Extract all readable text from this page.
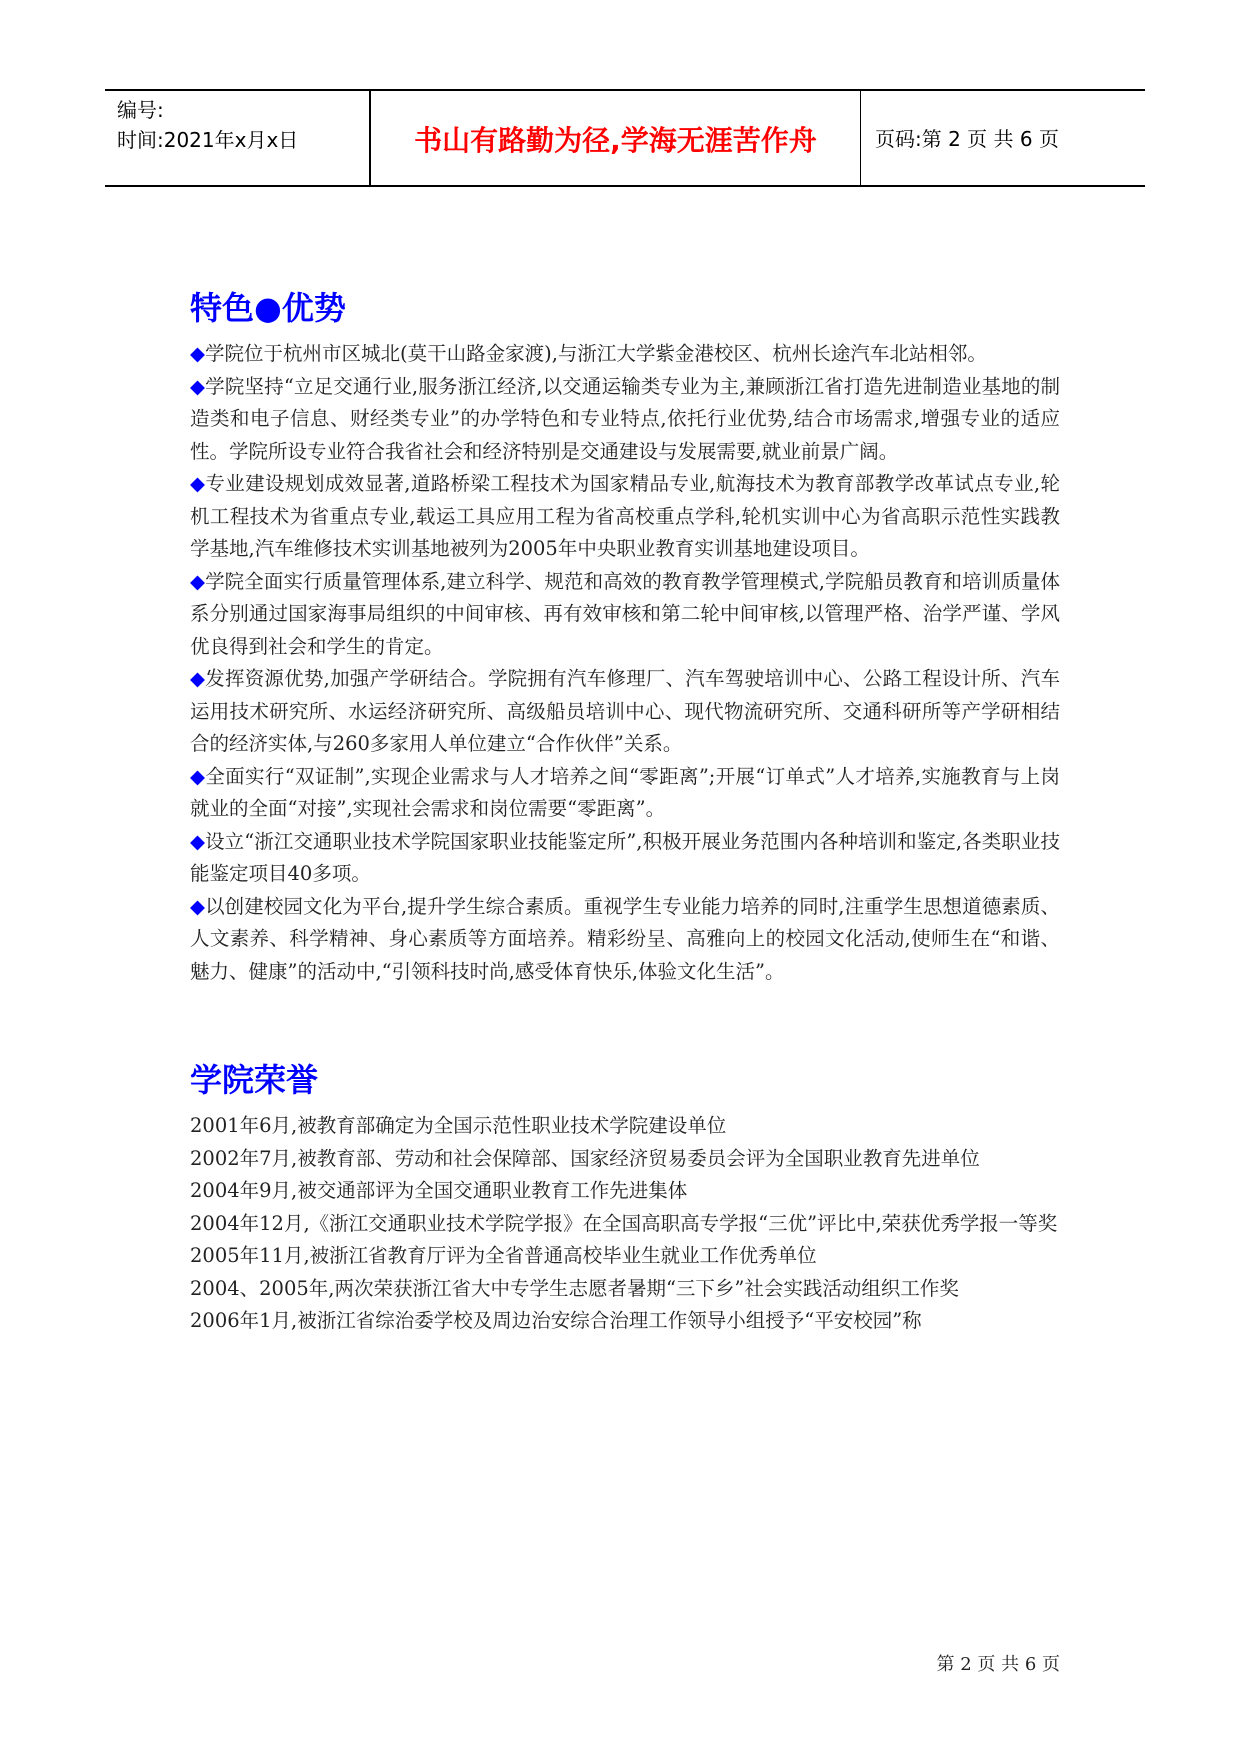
编号:
时间:2021年x月x日	书山有路勤为径,学海无涯苦作舟	页码:第 2 页 共 6 页
特色●优势

◆学院位于杭州市区城北(莫干山路金家渡),与浙江大学紫金港校区、杭州长途汽车北站相邻。

◆学院坚持“立足交通行业,服务浙江经济,以交通运输类专业为主,兼顾浙江省打造先进制造业基地的制造类和电子信息、财经类专业”的办学特色和专业特点,依托行业优势,结合市场需求,增强专业的适应性。学院所设专业符合我省社会和经济特别是交通建设与发展需要,就业前景广阔。

◆专业建设规划成效显著,道路桥梁工程技术为国家精品专业,航海技术为教育部教学改革试点专业,轮机工程技术为省重点专业,载运工具应用工程为省高校重点学科,轮机实训中心为省高职示范性实践教学基地,汽车维修技术实训基地被列为2005年中央职业教育实训基地建设项目。

◆学院全面实行质量管理体系,建立科学、规范和高效的教育教学管理模式,学院船员教育和培训质量体系分别通过国家海事局组织的中间审核、再有效审核和第二轮中间审核,以管理严格、治学严谨、学风优良得到社会和学生的肯定。

◆发挥资源优势,加强产学研结合。学院拥有汽车修理厂、汽车驾驶培训中心、公路工程设计所、汽车运用技术研究所、水运经济研究所、高级船员培训中心、现代物流研究所、交通科研所等产学研相结合的经济实体,与260多家用人单位建立“合作伙伴”关系。

◆全面实行“双证制”,实现企业需求与人才培养之间“零距离”;开展“订单式”人才培养,实施教育与上岗就业的全面“对接”,实现社会需求和岗位需要“零距离”。

◆设立“浙江交通职业技术学院国家职业技能鉴定所”,积极开展业务范围内各种培训和鉴定,各类职业技能鉴定项目40多项。

◆以创建校园文化为平台,提升学生综合素质。重视学生专业能力培养的同时,注重学生思想道德素质、人文素养、科学精神、身心素质等方面培养。精彩纷呈、高雅向上的校园文化活动,使师生在“和谐、魅力、健康”的活动中,“引领科技时尚,感受体育快乐,体验文化生活”。

学院荣誉

2001年6月,被教育部确定为全国示范性职业技术学院建设单位

2002年7月,被教育部、劳动和社会保障部、国家经济贸易委员会评为全国职业教育先进单位

2004年9月,被交通部评为全国交通职业教育工作先进集体

2004年12月,《浙江交通职业技术学院学报》在全国高职高专学报“三优”评比中,荣获优秀学报一等奖

2005年11月,被浙江省教育厅评为全省普通高校毕业生就业工作优秀单位

2004、2005年,两次荣获浙江省大中专学生志愿者暑期“三下乡”社会实践活动组织工作奖

2006年1月,被浙江省综治委学校及周边治安综合治理工作领导小组授予“平安校园”称

第 2 页 共 6 页
